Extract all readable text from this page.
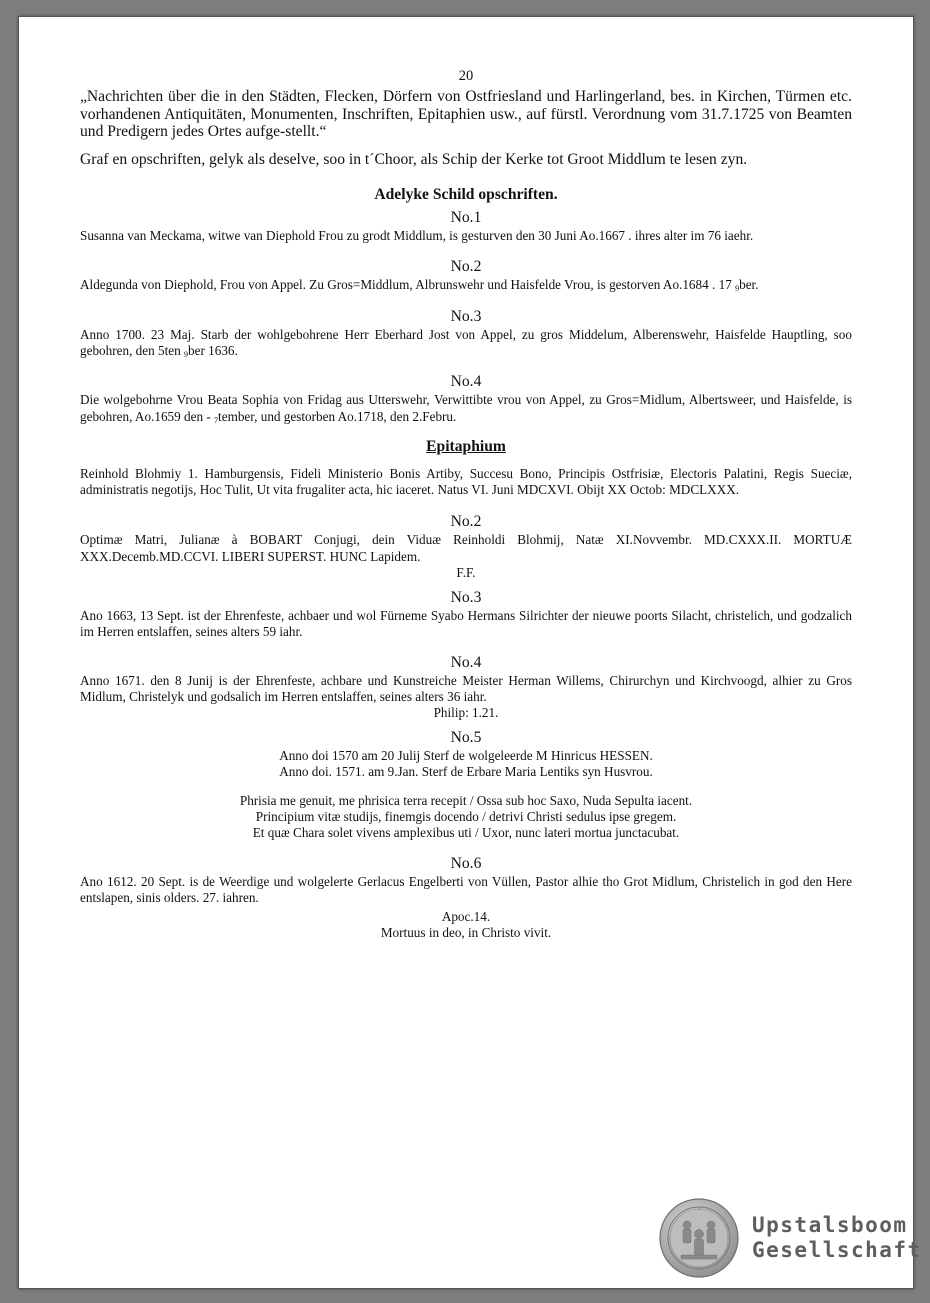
20

„Nachrichten über die in den Städten, Flecken, Dörfern von Ostfriesland und Harlingerland, bes. in Kirchen, Türmen etc. vorhandenen Antiquitäten, Monumenten, Inschriften, Epitaphien usw., auf fürstl. Verordnung vom 31.7.1725 von Beamten und Predigern jedes Ortes aufge-stellt.“

Graf en opschriften, gelyk als deselve, soo in t´Choor, als Schip der Kerke tot Groot Middlum te lesen zyn.

Adelyke Schild opschriften.
No.1

Susanna van Meckama, witwe van Diephold Frou zu grodt Middlum, is gesturven den 30 Juni Ao.1667 . ihres alter im 76 iaehr.

No.2

Aldegunda von Diephold, Frou von Appel. Zu Gros=Middlum, Albrunswehr und Haisfelde Vrou, is gestorven Ao.1684 . 17 $_9$ber.

No.3

Anno 1700. 23 Maj. Starb der wohlgebohrene Herr Eberhard Jost von Appel, zu gros Middelum, Alberenswehr, Haisfelde Hauptling, soo gebohren, den 5ten $_9$ber 1636.

No.4

Die wolgebohrne Vrou Beata Sophia von Fridag aus Utterswehr, Verwittibte vrou von Appel, zu Gros=Midlum, Albertsweer, und Haisfelde, is gebohren, Ao.1659 den - $_7$tember, und gestorben Ao.1718, den 2.Febru.

Epitaphium

Reinhold Blohmiy 1. Hamburgensis, Fideli Ministerio Bonis Artiby, Succesu Bono, Principis Ostfrisiæ, Electoris Palatini, Regis Sueciæ, administratis negotijs, Hoc Tulit, Ut vita frugaliter acta, hic iaceret. Natus VI. Juni MDCXVI. Obijt XX Octob: MDCLXXX.

No.2

Optimæ Matri, Julianæ à BOBART Conjugi, dein Viduæ Reinholdi Blohmij, Natæ XI.Novvembr. MD.CXXX.II. MORTUÆ XXX.Decemb.MD.CCVI. LIBERI SUPERST. HUNC Lapidem.

F.F.

No.3

Ano 1663, 13 Sept. ist der Ehrenfeste, achbaer und wol Fürneme Syabo Hermans Silrichter der nieuwe poorts Silacht, christelich, und godzalich im Herren entslaffen, seines alters 59 iahr.

No.4

Anno 1671. den 8 Junij is der Ehrenfeste, achbare und Kunstreiche Meister Herman Willems, Chirurchyn und Kirchvoogd, alhier zu Gros Midlum, Christelyk und godsalich im Herren entslaffen, seines alters 36 iahr.

Philip: 1.21.

No.5

Anno doi 1570 am 20 Julij Sterf de wolgeleerde M Hinricus HESSEN.

Anno doi. 1571. am 9.Jan. Sterf de Erbare Maria Lentiks syn Husvrou.

Phrisia me genuit, me phrisica terra recepit / Ossa sub hoc Saxo, Nuda Sepulta iacent.

Principium vitæ studijs, finemgis docendo / detrivi Christi sedulus ipse gregem.

Et quæ Chara solet vivens amplexibus uti / Uxor, nunc lateri mortua junctacubat.

No.6

Ano 1612. 20 Sept. is de Weerdige und wolgelerte Gerlacus Engelberti von Vüllen, Pastor alhie tho Grot Midlum, Christelich in god den Here entslapen, sinis olders. 27. iahren.

Apoc.14.

Mortuus in deo, in Christo vivit.

Upstalsboom
Gesellschaft
